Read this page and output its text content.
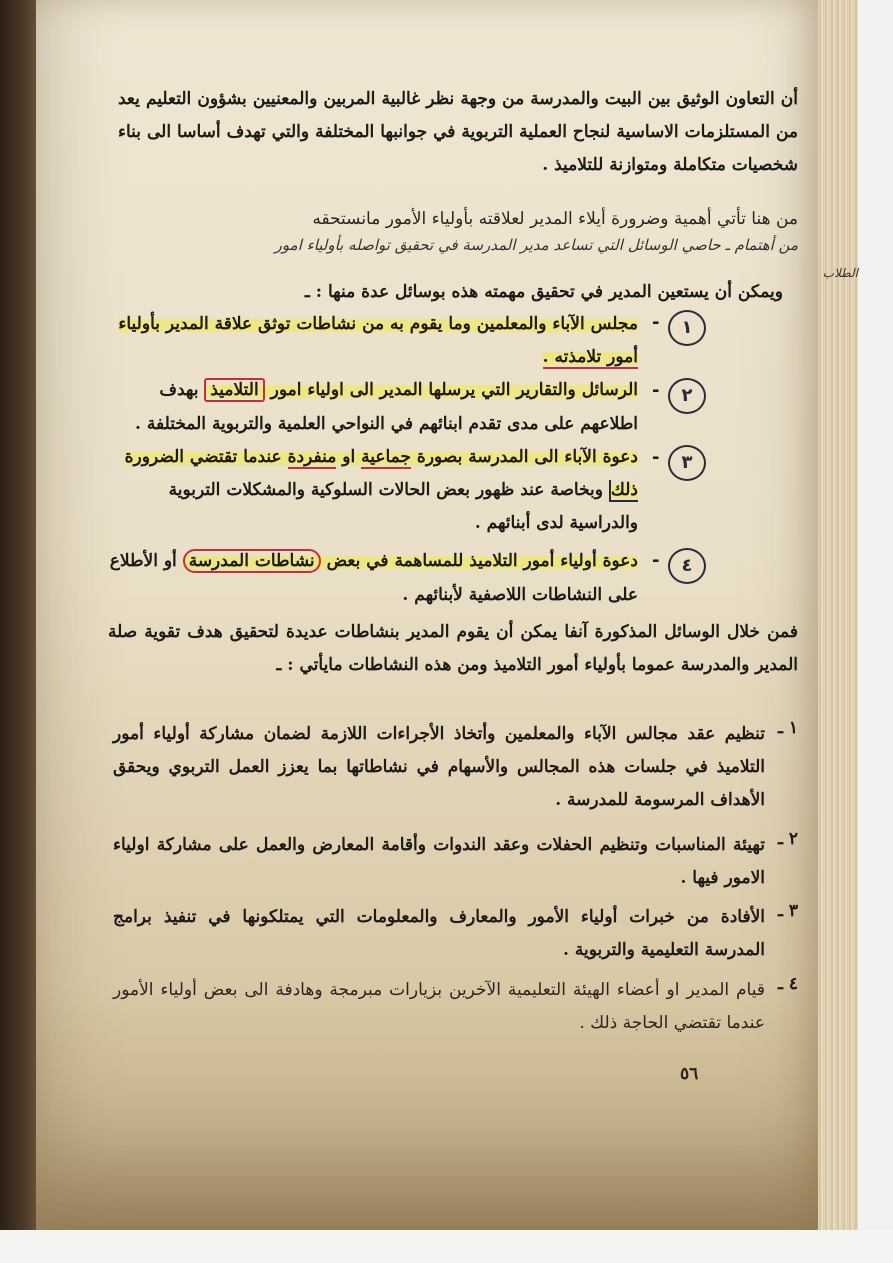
أن التعاون الوثيق بين البيت والمدرسة من وجهة نظر غالبية المربين والمعنيين بشؤون التعليم يعد من المستلزمات الاساسية لنجاح العملية التربوية في جوانبها المختلفة والتي تهدف أساسا الى بناء شخصيات متكاملة ومتوازنة للتلاميذ .
من هنا تأتي أهمية وضرورة أيلاء المدير لعلاقته بأولياء الأمور مانستحقه
من أهتمام ـ حاصي الوسائل التي تساعد مدير المدرسة في تحقيق تواصله بأولياء امور
ويمكن أن يستعين المدير في تحقيق مهمته هذه بوسائل عدة منها : ـ
الطلاب
١
-
مجلس الآباء والمعلمين وما يقوم به من نشاطات توثق علاقة المدير بأولياء
أمور تلامذته .
٢
-
الرسائل والتقارير التي يرسلها المدير الى اولياء امور التلاميذ بهدف
اطلاعهم على مدى تقدم ابنائهم في النواحي العلمية والتربوية المختلفة .
٣
-
دعوة الآباء الى المدرسة بصورة جماعية او منفردة عندما تقتضي الضرورة
ذلك وبخاصة عند ظهور بعض الحالات السلوكية والمشكلات التربوية
والدراسية لدى أبنائهم .
٤
-
دعوة أولياء أمور التلاميذ للمساهمة في بعض نشاطات المدرسة أو الأطلاع
على النشاطات اللاصفية لأبنائهم .
فمن خلال الوسائل المذكورة آنفا يمكن أن يقوم المدير بنشاطات عديدة لتحقيق هدف تقوية صلة المدير والمدرسة عموما بأولياء أمور التلاميذ ومن هذه النشاطات مايأتي : ـ
١ ـ
تنظيم عقد مجالس الآباء والمعلمين وأتخاذ الأجراءات اللازمة لضمان مشاركة أولياء أمور التلاميذ في جلسات هذه المجالس والأسهام في نشاطاتها بما يعزز العمل التربوي ويحقق الأهداف المرسومة للمدرسة .
٢ ـ
تهيئة المناسبات وتنظيم الحفلات وعقد الندوات وأقامة المعارض والعمل على مشاركة اولياء الامور فيها .
٣ ـ
الأفادة من خبرات أولياء الأمور والمعارف والمعلومات التي يمتلكونها في تنفيذ برامج المدرسة التعليمية والتربوية .
٤ ـ
قيام المدير او أعضاء الهيئة التعليمية الآخرين بزيارات مبرمجة وهادفة الى بعض أولياء الأمور عندما تقتضي الحاجة ذلك .
٥٦
